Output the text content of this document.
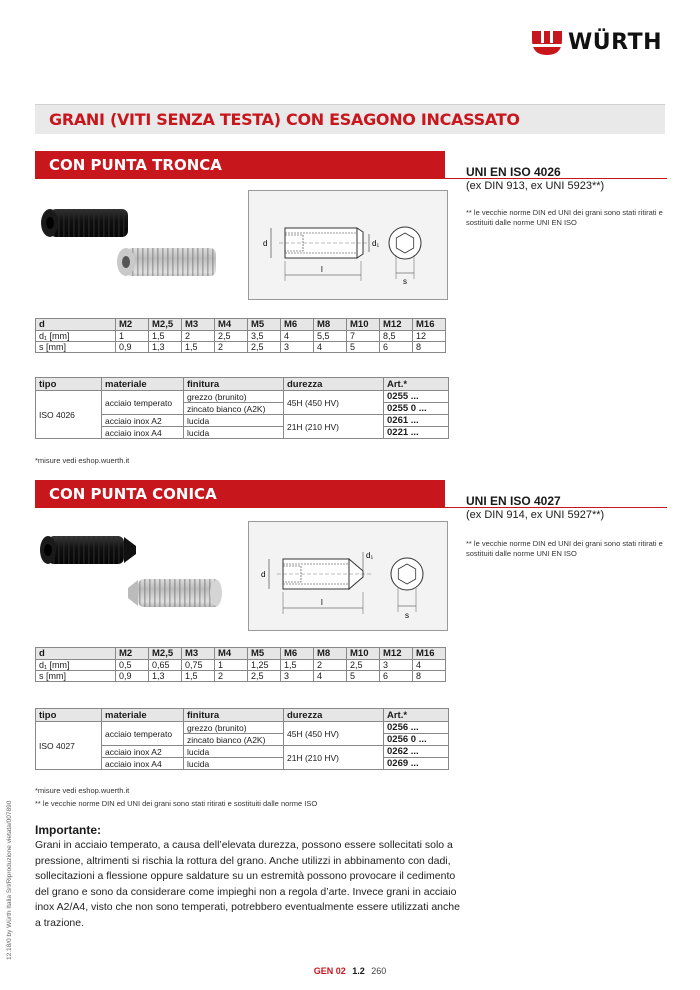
WÜRTH
GRANI (VITI SENZA TESTA) CON ESAGONO INCASSATO
CON PUNTA TRONCA	UNI EN ISO 4026
(ex DIN 913, ex UNI 5923**)
** le vecchie norme DIN ed UNI dei grani sono stati ritirati e sostituiti dalle norme UNI EN ISO
d
l
d₁
s
d	M2	M2,5	M3	M4	M5	M6	M8	M10	M12	M16
d₁ [mm]	1	1,5	2	2,5	3,5	4	5,5	7	8,5	12
s [mm]	0,9	1,3	1,5	2	2,5	3	4	5	6	8
tipo	materiale	finitura	durezza	Art.*
ISO 4026	acciaio temperato	grezzo (brunito)	45H (450 HV)	0255 ...
		zincato bianco (A2K)		0255 0 ...
	acciaio inox A2	lucida	21H (210 HV)	0261 ...
	acciaio inox A4	lucida		0221 ...
*misure vedi eshop.wuerth.it
CON PUNTA CONICA	UNI EN ISO 4027
(ex DIN 914, ex UNI 5927**)
** le vecchie norme DIN ed UNI dei grani sono stati ritirati e sostituiti dalle norme UNI EN ISO
d
l
d₁
s
d	M2	M2,5	M3	M4	M5	M6	M8	M10	M12	M16
d₁ [mm]	0,5	0,65	0,75	1	1,25	1,5	2	2,5	3	4
s [mm]	0,9	1,3	1,5	2	2,5	3	4	5	6	8
tipo	materiale	finitura	durezza	Art.*
ISO 4027	acciaio temperato	grezzo (brunito)	45H (450 HV)	0256 ...
		zincato bianco (A2K)		0256 0 ...
	acciaio inox A2	lucida	21H (210 HV)	0262 ...
	acciaio inox A4	lucida		0269 ...
*misure vedi eshop.wuerth.it
** le vecchie norme DIN ed UNI dei grani sono stati ritirati e sostituiti dalle norme ISO
Importante:
Grani in acciaio temperato, a causa dell’elevata durezza, possono essere sollecitati solo a pressione, altrimenti si rischia la rottura del grano. Anche utilizzi in abbinamento con dadi, sollecitazioni a flessione oppure saldature su un estremità possono provocare il cedimento del grano e sono da considerare come impieghi non a regola d’arte. Invece grani in acciaio inox A2/A4, visto che non sono temperati, potrebbero eventualmente essere utilizzati anche a trazione.
12.18/0 by Würth Italia Srl/Riproduzione vietata/007890
GEN 02 1.2 260
